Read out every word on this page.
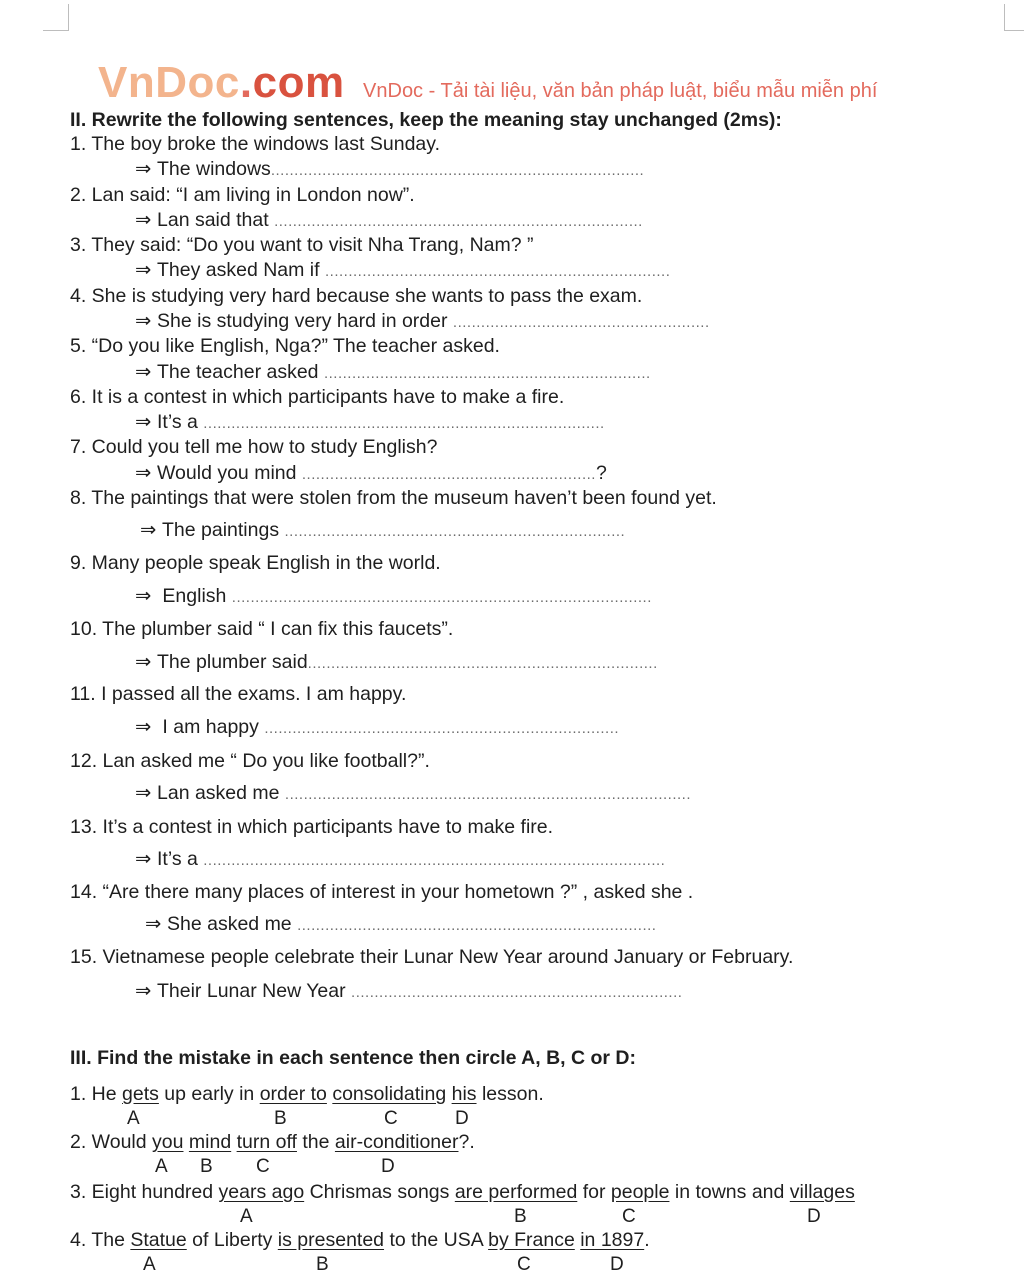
VnDoc.com VnDoc - Tải tài liệu, văn bản pháp luật, biểu mẫu miễn phí
II. Rewrite the following sentences, keep the meaning stay unchanged (2ms):
1. The boy broke the windows last Sunday.
⇒ The windows................................................................................
2. Lan said: “I am living in London now”.
⇒ Lan said that ...............................................................................
3. They said: “Do you want to visit Nha Trang, Nam? ”
⇒ They asked Nam if ..........................................................................
4. She is studying very hard because she wants to pass the exam.
⇒ She is studying very hard in order .......................................................
5. “Do you like English, Nga?” The teacher asked.
⇒ The teacher asked ......................................................................
6. It is a contest in which participants have to make a fire.
⇒ It’s a ......................................................................................
7. Could you tell me how to study English?
⇒ Would you mind ...............................................................?
8. The paintings that were stolen from the museum haven’t been found yet.
⇒ The paintings .........................................................................
9. Many people speak English in the world.
⇒ English ..........................................................................................
10. The plumber said “ I can fix this faucets”.
⇒ The plumber said...........................................................................
11. I passed all the exams. I am happy.
⇒ I am happy ............................................................................
12. Lan asked me “ Do you like football?”.
⇒ Lan asked me .......................................................................................
13. It’s a contest in which participants have to make fire.
⇒ It’s a ...................................................................................................
14. “Are there many places of interest in your hometown ?” , asked she .
⇒ She asked me .............................................................................
15. Vietnamese people celebrate their Lunar New Year around January or February.
⇒ Their Lunar New Year .......................................................................
III. Find the mistake in each sentence then circle A, B, C or D:
1. He gets up early in order to consolidating his lesson.
A	B	C	D
2. Would you mind turn off the air-conditioner?.
A B C	D
3. Eight hundred years ago Chrismas songs are performed for people in towns and villages
A	B	C	D
4. The Statue of Liberty is presented to the USA by France in 1897.
A	B	C	D
